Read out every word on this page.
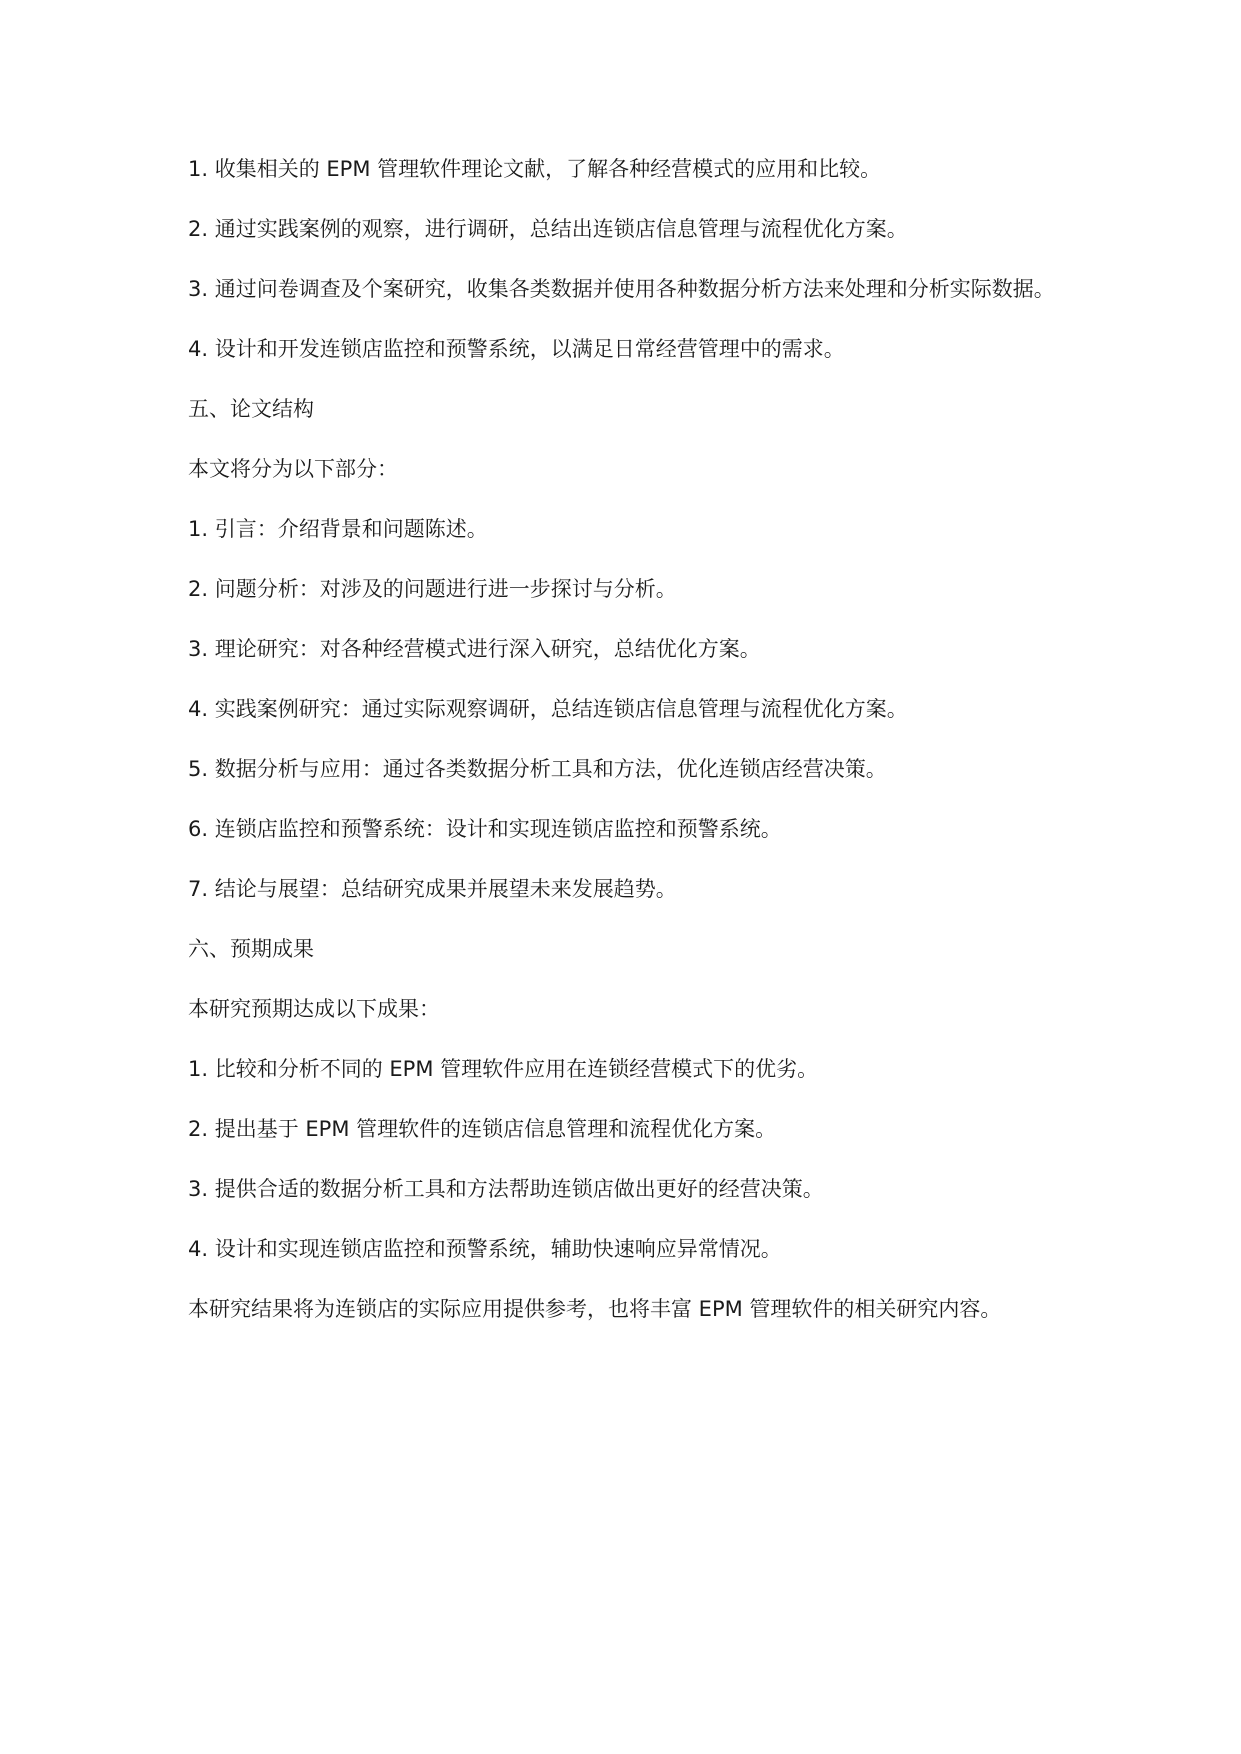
1. 收集相关的 EPM 管理软件理论文献，了解各种经营模式的应用和比较。

2. 通过实践案例的观察，进行调研，总结出连锁店信息管理与流程优化方案。

3. 通过问卷调查及个案研究，收集各类数据并使用各种数据分析方法来处理和分析实际数据。

4. 设计和开发连锁店监控和预警系统，以满足日常经营管理中的需求。

五、论文结构

本文将分为以下部分：

1. 引言：介绍背景和问题陈述。

2. 问题分析：对涉及的问题进行进一步探讨与分析。

3. 理论研究：对各种经营模式进行深入研究，总结优化方案。

4. 实践案例研究：通过实际观察调研，总结连锁店信息管理与流程优化方案。

5. 数据分析与应用：通过各类数据分析工具和方法，优化连锁店经营决策。

6. 连锁店监控和预警系统：设计和实现连锁店监控和预警系统。

7. 结论与展望：总结研究成果并展望未来发展趋势。

六、预期成果

本研究预期达成以下成果：

1. 比较和分析不同的 EPM 管理软件应用在连锁经营模式下的优劣。

2. 提出基于 EPM 管理软件的连锁店信息管理和流程优化方案。

3. 提供合适的数据分析工具和方法帮助连锁店做出更好的经营决策。

4. 设计和实现连锁店监控和预警系统，辅助快速响应异常情况。

本研究结果将为连锁店的实际应用提供参考，也将丰富 EPM 管理软件的相关研究内容。
